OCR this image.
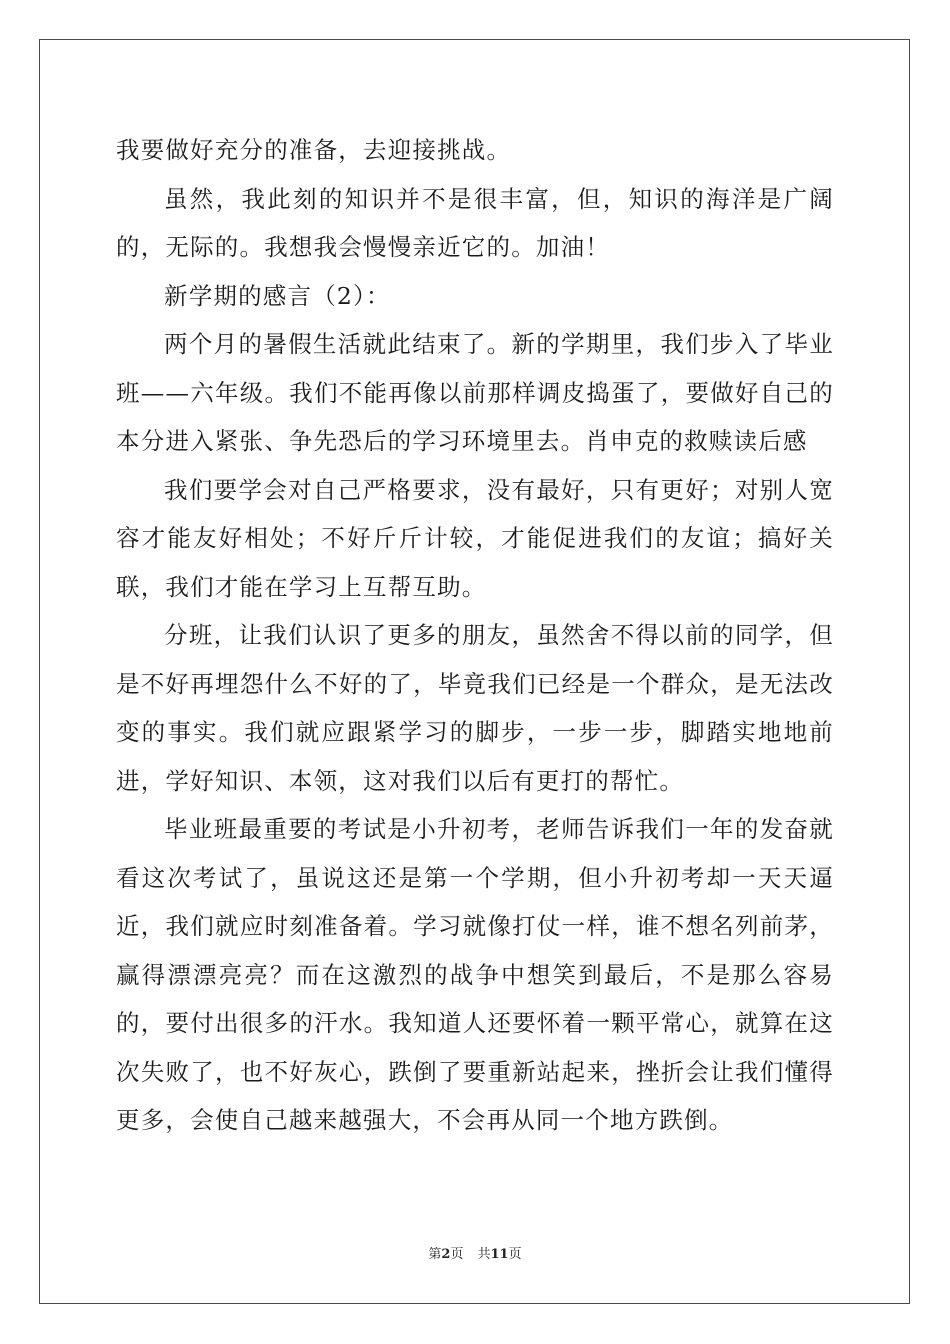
我要做好充分的准备，去迎接挑战。

虽然，我此刻的知识并不是很丰富，但，知识的海洋是广阔的，无际的。我想我会慢慢亲近它的。加油！

新学期的感言（2）：

两个月的暑假生活就此结束了。新的学期里，我们步入了毕业班——六年级。我们不能再像以前那样调皮捣蛋了，要做好自己的本分进入紧张、争先恐后的学习环境里去。肖申克的救赎读后感

我们要学会对自己严格要求，没有最好，只有更好；对别人宽容才能友好相处；不好斤斤计较，才能促进我们的友谊；搞好关联，我们才能在学习上互帮互助。

分班，让我们认识了更多的朋友，虽然舍不得以前的同学，但是不好再埋怨什么不好的了，毕竟我们已经是一个群众，是无法改变的事实。我们就应跟紧学习的脚步，一步一步，脚踏实地地前进，学好知识、本领，这对我们以后有更打的帮忙。

毕业班最重要的考试是小升初考，老师告诉我们一年的发奋就看这次考试了，虽说这还是第一个学期，但小升初考却一天天逼近，我们就应时刻准备着。学习就像打仗一样，谁不想名列前茅，赢得漂漂亮亮？而在这激烈的战争中想笑到最后，不是那么容易的，要付出很多的汗水。我知道人还要怀着一颗平常心，就算在这次失败了，也不好灰心，跌倒了要重新站起来，挫折会让我们懂得更多，会使自己越来越强大，不会再从同一个地方跌倒。

第2页 共11页
